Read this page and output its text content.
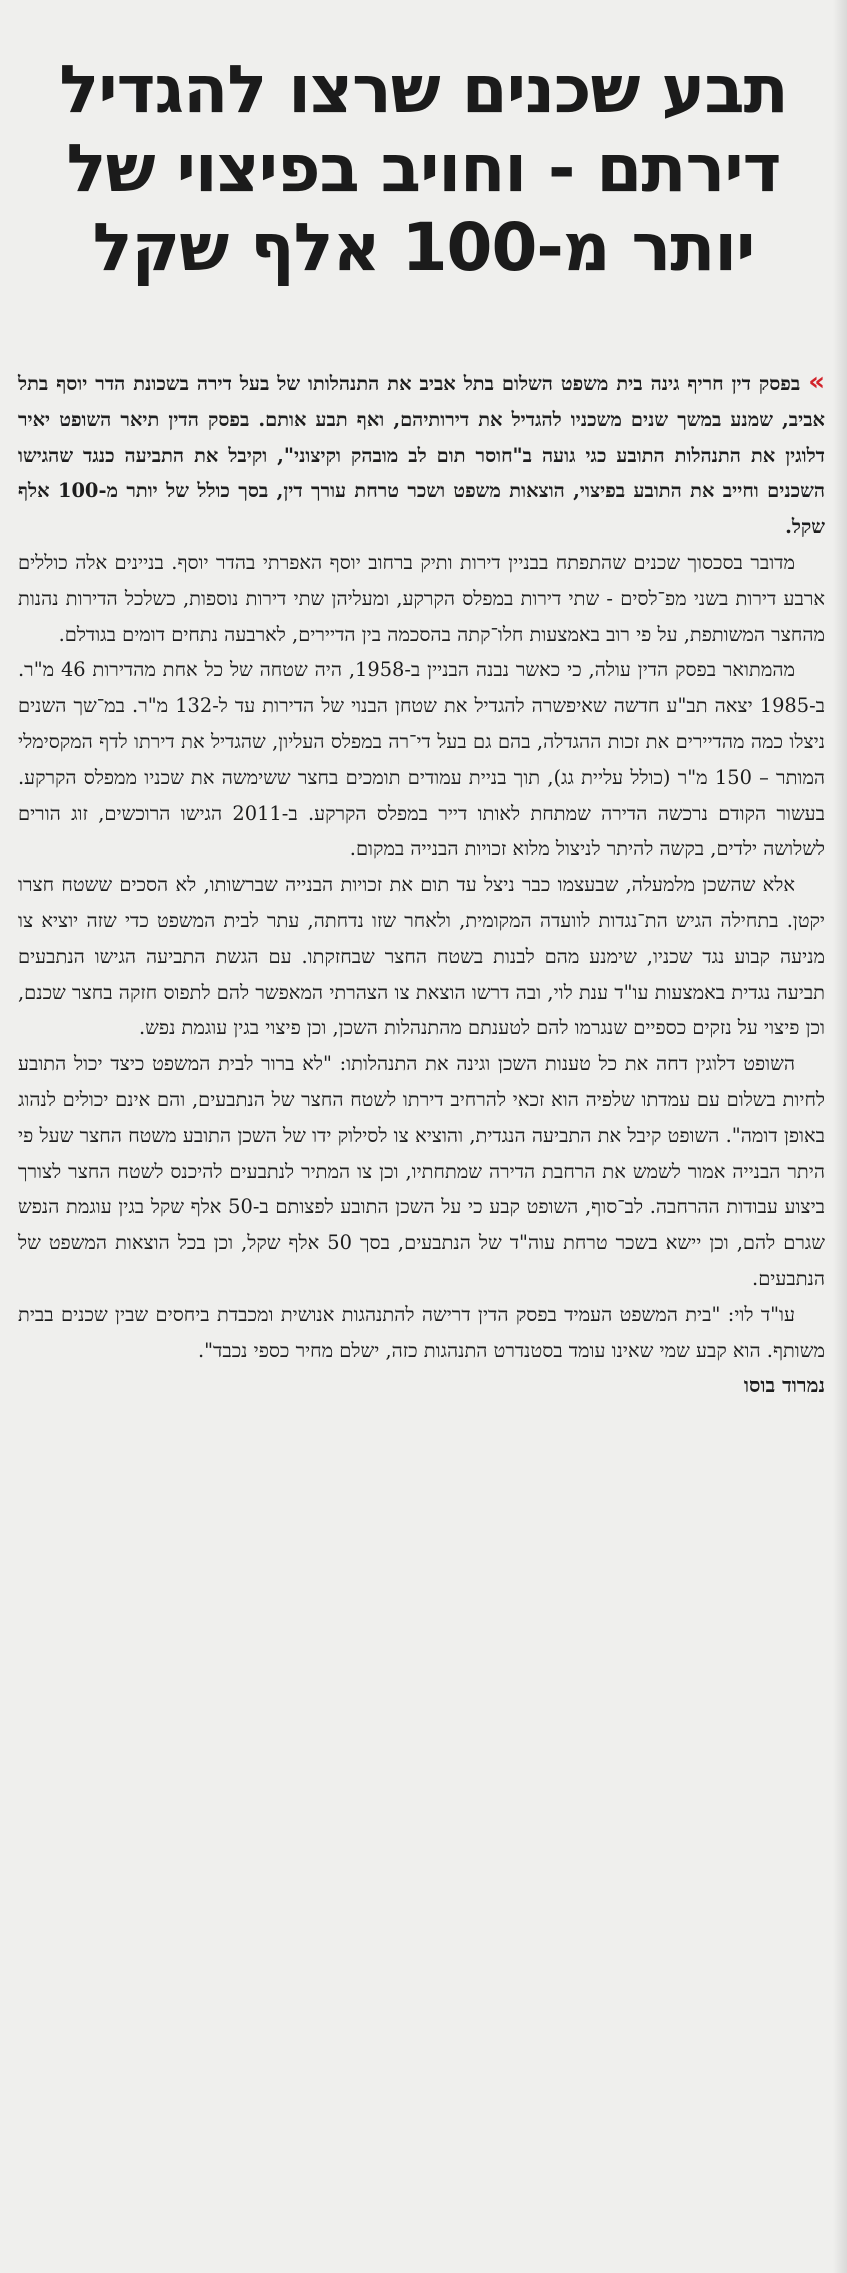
תבע שכנים שרצו להגדיל
דירתם - וחויב בפיצוי של
יותר מ-100 אלף שקל

»בפסק דין חריף גינה בית משפט השלום בתל אביב את התנהלותו של בעל דירה בשכונת הדר יוסף בתל אביב, שמנע במשך שנים משכניו להגדיל את דירותיהם, ואף תבע אותם. בפסק הדין תיאר השופט יאיר דלוגין את התנהלות התובע כגי גועה ב"חוסר תום לב מובהק וקיצוני", וקיבל את התביעה כנגד שהגישו השכנים וחייב את התובע בפיצוי, הוצאות משפט ושכר טרחת עורך דין, בסך כולל של יותר מ-100 אלף שקל.

מדובר בסכסוך שכנים שהתפתח בבניין דירות ותיק ברחוב יוסף האפרתי בהדר יוסף. בניינים אלה כוללים ארבע דירות בשני מפ־לסים - שתי דירות במפלס הקרקע, ומעליהן שתי דירות נוספות, כשלכל הדירות נהנות מהחצר המשותפת, על פי רוב באמצעות חלו־קתה בהסכמה בין הדיירים, לארבעה נתחים דומים בגודלם.

מהמתואר בפסק הדין עולה, כי כאשר נבנה הבניין ב-1958, היה שטחה של כל אחת מהדירות 46 מ"ר. ב-1985 יצאה תב"ע חדשה שאיפשרה להגדיל את שטחן הבנוי של הדירות עד ל-132 מ"ר. במ־שך השנים ניצלו כמה מהדיירים את זכות ההגדלה, בהם גם בעל די־רה במפלס העליון, שהגדיל את דירתו לדף המקסימלי המותר – 150 מ"ר (כולל עליית גג), תוך בניית עמודים תומכים בחצר ששימשה את שכניו ממפלס הקרקע. בעשור הקודם נרכשה הדירה שמתחת לאותו דייר במפלס הקרקע. ב-2011 הגישו הרוכשים, זוג הורים לשלושה ילדים, בקשה להיתר לניצול מלוא זכויות הבנייה במקום.

אלא שהשכן מלמעלה, שבעצמו כבר ניצל עד תום את זכויות הבנייה שברשותו, לא הסכים ששטח חצרו יקטן. בתחילה הגיש הת־נגדות לוועדה המקומית, ולאחר שזו נדחתה, עתר לבית המשפט כדי שזה יוציא צו מניעה קבוע נגד שכניו, שימנע מהם לבנות בשטח החצר שבחזקתו. עם הגשת התביעה הגישו הנתבעים תביעה נגדית באמצעות עו"ד ענת לוי, ובה דרשו הוצאת צו הצהרתי המאפשר להם לתפוס חזקה בחצר שכנם, וכן פיצוי על נזקים כספיים שנגרמו להם לטענתם מהתנהלות השכן, וכן פיצוי בגין עוגמת נפש.

השופט דלוגין דחה את כל טענות השכן וגינה את התנהלותו: "לא ברור לבית המשפט כיצד יכול התובע לחיות בשלום עם עמדתו שלפיה הוא זכאי להרחיב דירתו לשטח החצר של הנתבעים, והם אינם יכולים לנהוג באופן דומה". השופט קיבל את התביעה הנגדית, והוציא צו לסילוק ידו של השכן התובע משטח החצר שעל פי היתר הבנייה אמור לשמש את הרחבת הדירה שמתחתיו, וכן צו המתיר לנתבעים להיכנס לשטח החצר לצורך ביצוע עבודות ההרחבה. לב־סוף, השופט קבע כי על השכן התובע לפצותם ב-50 אלף שקל בגין עוגמת הנפש שגרם להם, וכן יישא בשכר טרחת עוה"ד של הנתבעים, בסך 50 אלף שקל, וכן בכל הוצאות המשפט של הנתבעים.

עו"ד לוי: "בית המשפט העמיד בפסק הדין דרישה להתנהגות אנושית ומכבדת ביחסים שבין שכנים בבית משותף. הוא קבע שמי שאינו עומד בסטנדרט התנהגות כזה, ישלם מחיר כספי נכבד".

נמרוד בוסו
